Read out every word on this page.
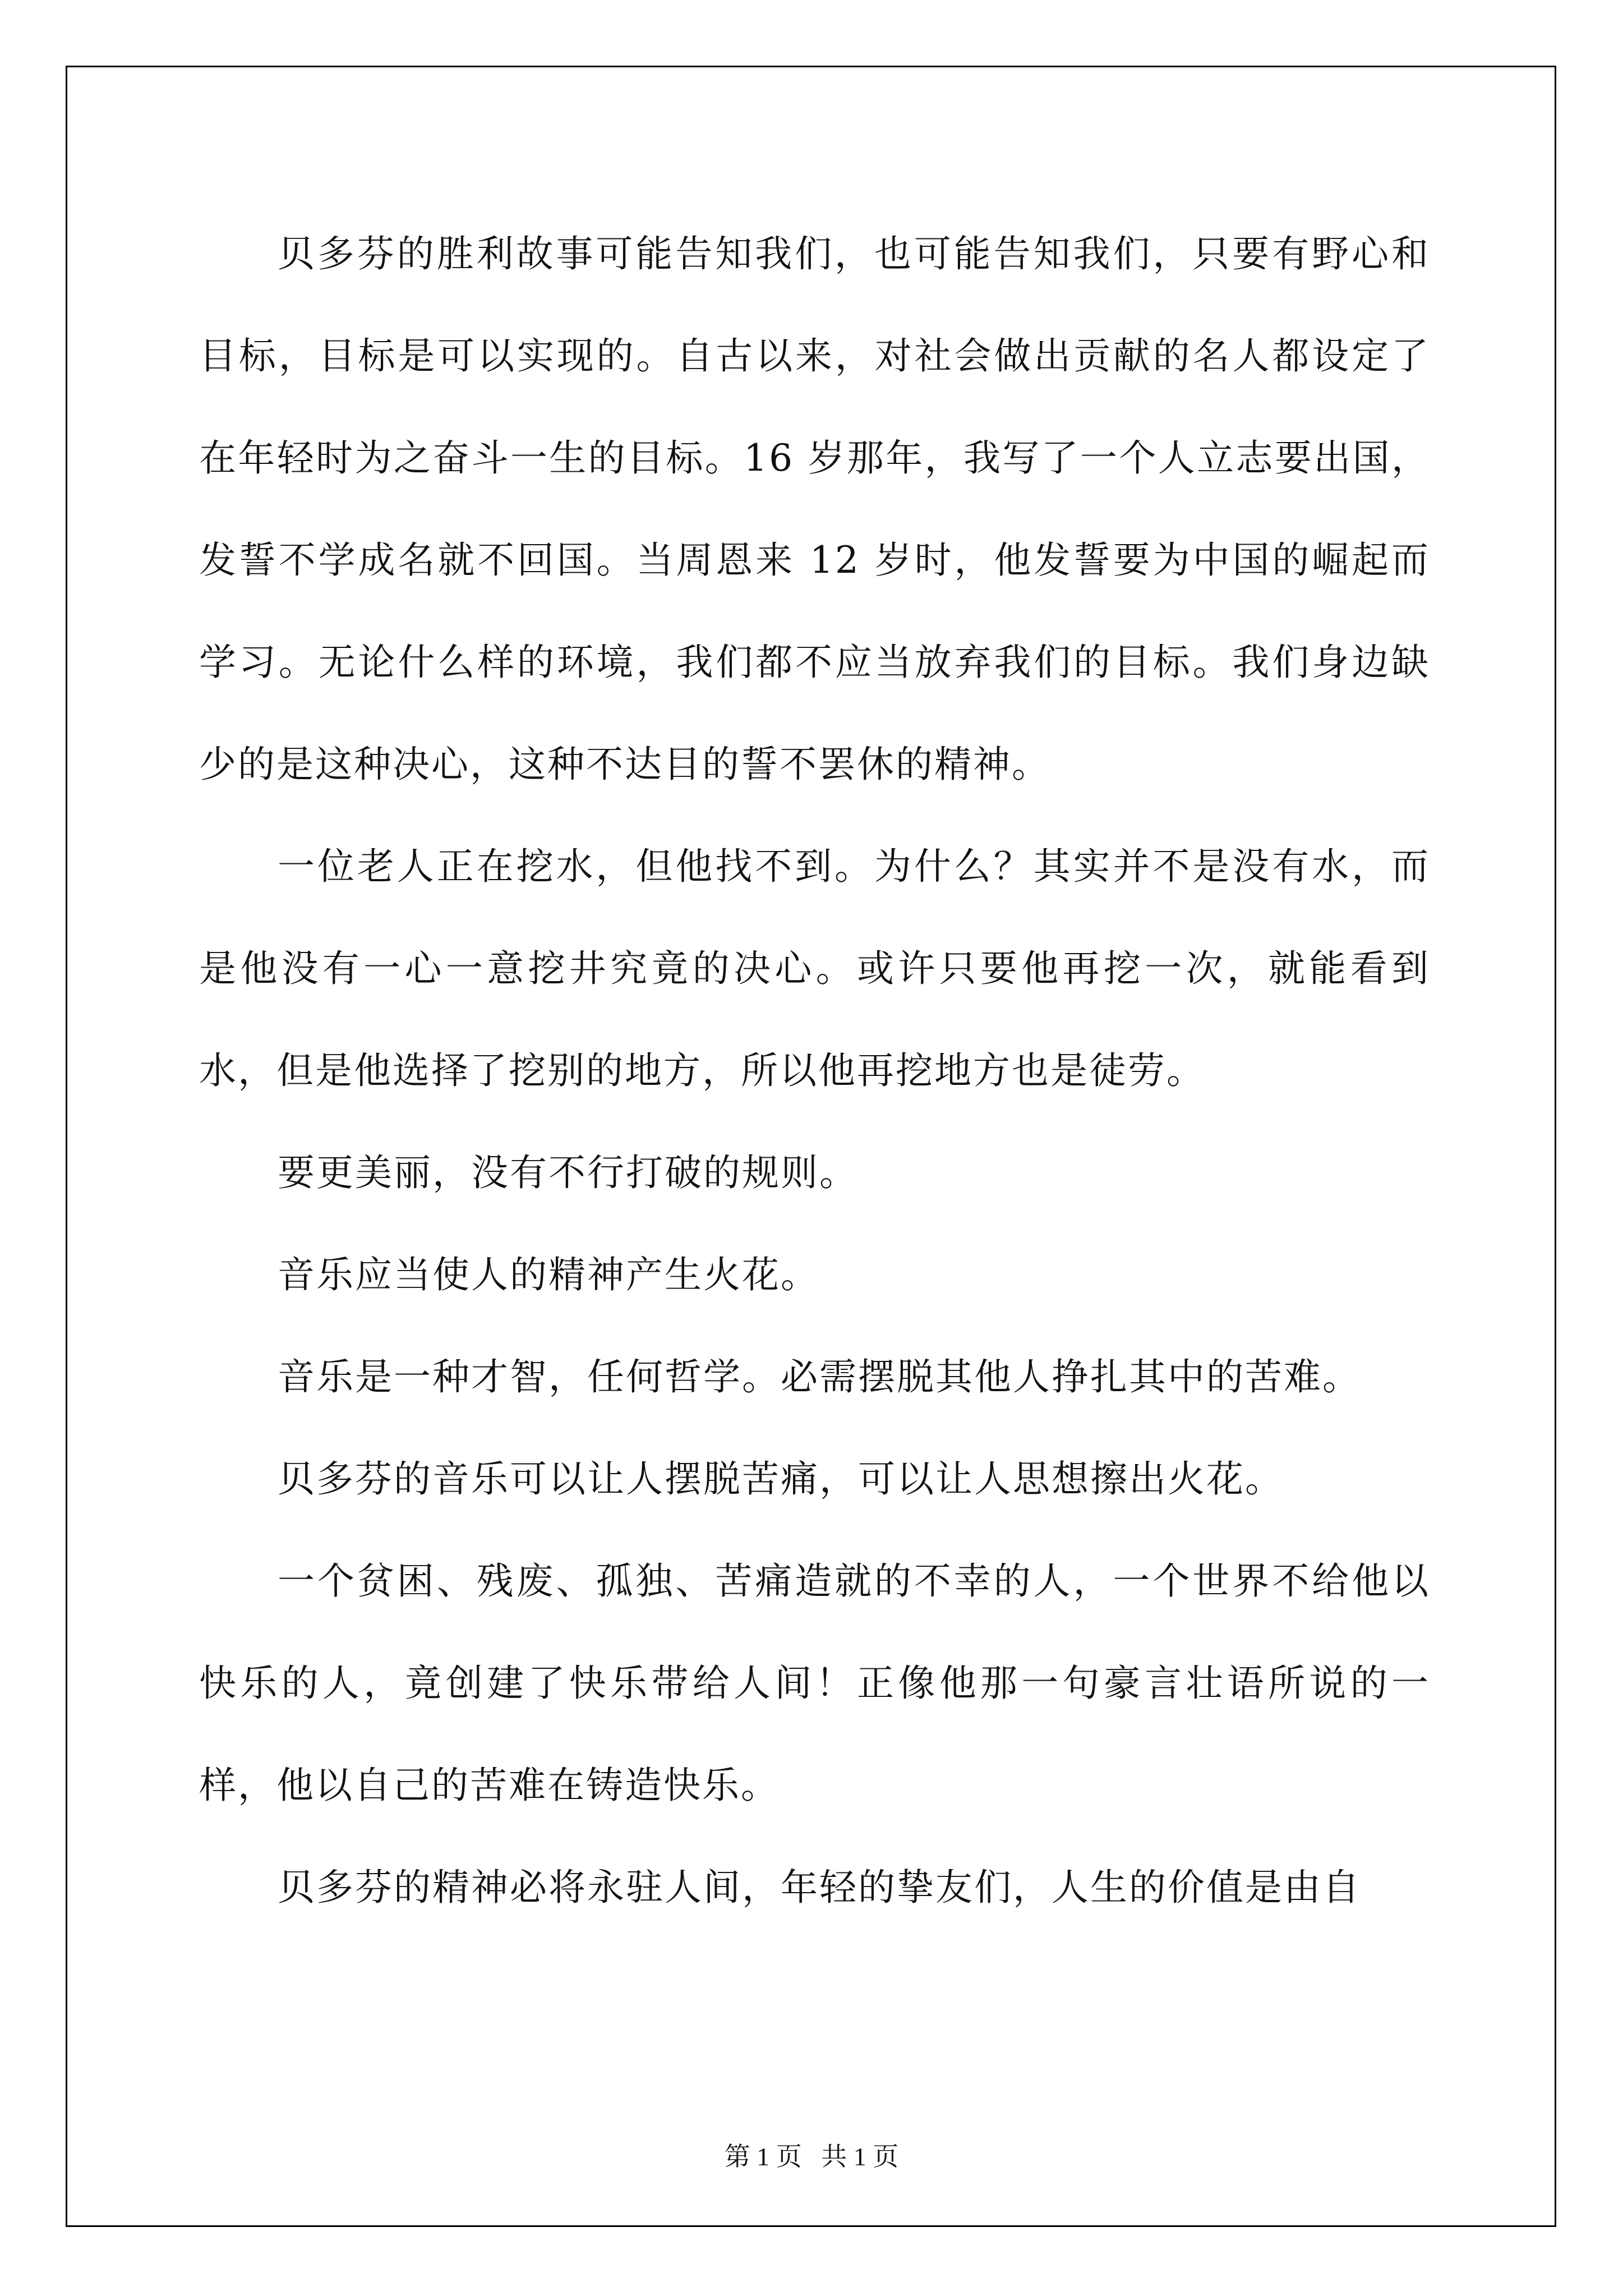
贝多芬的胜利故事可能告知我们，也可能告知我们，只要有野心和目标，目标是可以实现的。自古以来，对社会做出贡献的名人都设定了在年轻时为之奋斗一生的目标。16 岁那年，我写了一个人立志要出国，发誓不学成名就不回国。当周恩来 12 岁时，他发誓要为中国的崛起而学习。无论什么样的环境，我们都不应当放弃我们的目标。我们身边缺少的是这种决心，这种不达目的誓不罢休的精神。

一位老人正在挖水，但他找不到。为什么？其实并不是没有水，而是他没有一心一意挖井究竟的决心。或许只要他再挖一次，就能看到水，但是他选择了挖别的地方，所以他再挖地方也是徒劳。

要更美丽，没有不行打破的规则。

音乐应当使人的精神产生火花。

音乐是一种才智，任何哲学。必需摆脱其他人挣扎其中的苦难。

贝多芬的音乐可以让人摆脱苦痛，可以让人思想擦出火花。

一个贫困、残废、孤独、苦痛造就的不幸的人，一个世界不给他以快乐的人，竟创建了快乐带给人间！正像他那一句豪言壮语所说的一样，他以自己的苦难在铸造快乐。

贝多芬的精神必将永驻人间，年轻的挚友们，人生的价值是由自

第 1 页   共 1 页
